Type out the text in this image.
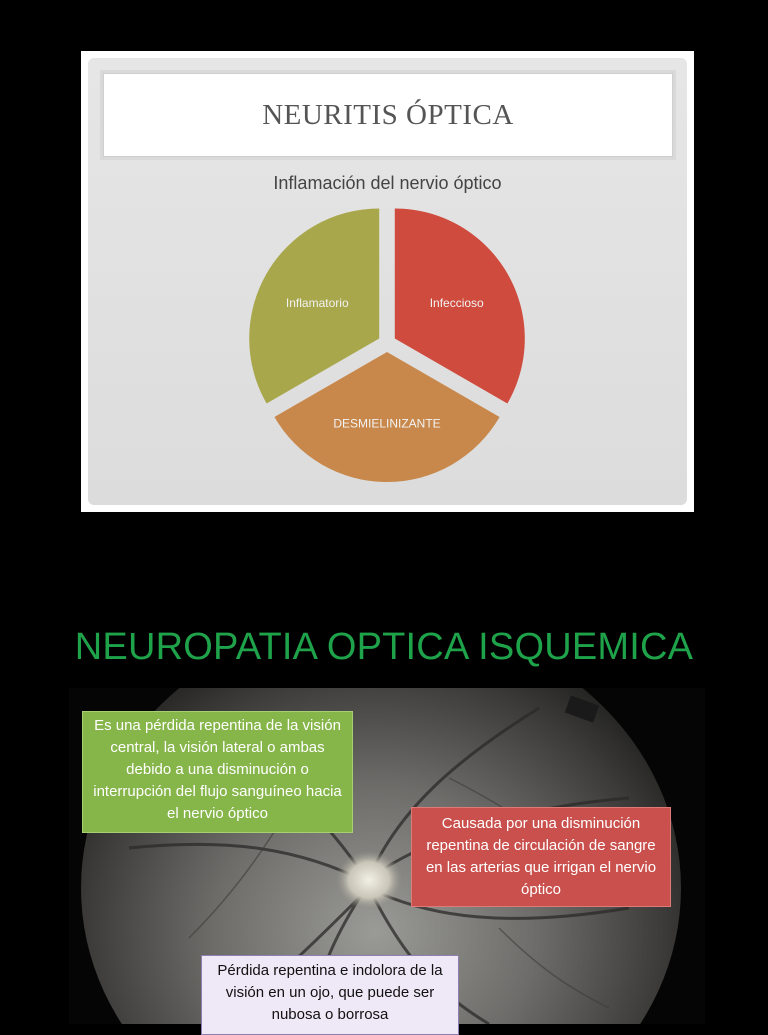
NEURITIS ÓPTICA
Inflamación del nervio óptico
Infeccioso
DESMIELINIZANTE
Inflamatorio
NEUROPATIA OPTICA ISQUEMICA
Es una pérdida repentina de la visión central, la visión lateral o ambas debido a una disminución o interrupción del flujo sanguíneo hacia el nervio óptico
Causada por una disminución repentina de circulación de sangre en las arterias que irrigan el nervio óptico
Pérdida repentina e indolora de la visión en un ojo, que puede ser nubosa o borrosa
